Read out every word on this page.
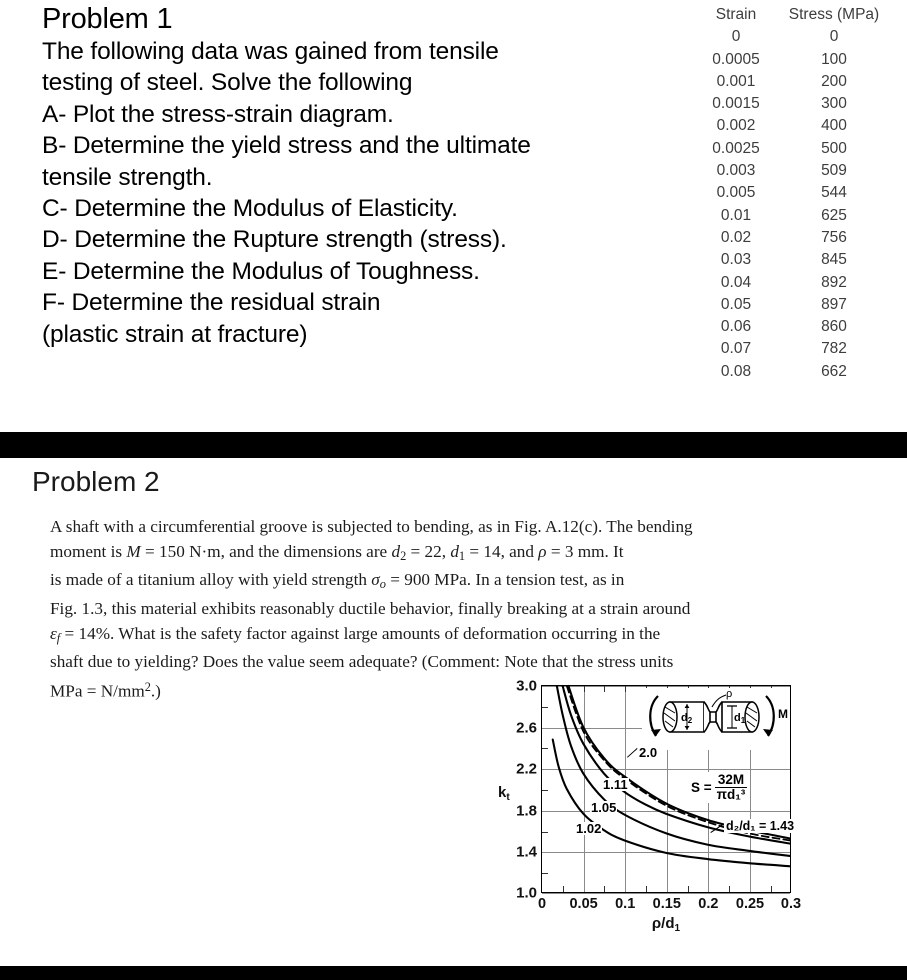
Problem 1
The following data was gained from tensile
testing of steel. Solve the following
A- Plot the stress-strain diagram.
B- Determine the yield stress and the ultimate
tensile strength.
C- Determine the Modulus of Elasticity.
D- Determine the Rupture strength (stress).
E- Determine the Modulus of Toughness.
F- Determine the residual strain
(plastic strain at fracture)
Strain	Stress (MPa)
0	0
0.0005	100
0.001	200
0.0015	300
0.002	400
0.0025	500
0.003	509
0.005	544
0.01	625
0.02	756
0.03	845
0.04	892
0.05	897
0.06	860
0.07	782
0.08	662
Problem 2
A shaft with a circumferential groove is subjected to bending, as in Fig. A.12(c). The bending
moment is M = 150 N·m, and the dimensions are $d_2 = 22$, $d_1 = 14$, and ρ = 3 mm. It
is made of a titanium alloy with yield strength $\sigma_o = 900$ MPa. In a tension test, as in
Fig. 1.3, this material exhibits reasonably ductile behavior, finally breaking at a strain around
$\varepsilon_f = 14\%$. What is the safety factor against large amounts of deformation occurring in the
shaft due to yielding? Does the value seem adequate? (Comment: Note that the stress units
MPa = $N/mm^2$.)
$k_t$
$\rho/d_1$
3.0
2.6
2.2
1.8
1.4
1.0
0.05 0.1 0.15 0.2 0.25
0	0.3
d2	d1
ρ
M
$S = \frac{32M}{\text{πd₁³}}$
d₂/d₁ = 1.43
2.0
1.11
1.05
1.02
